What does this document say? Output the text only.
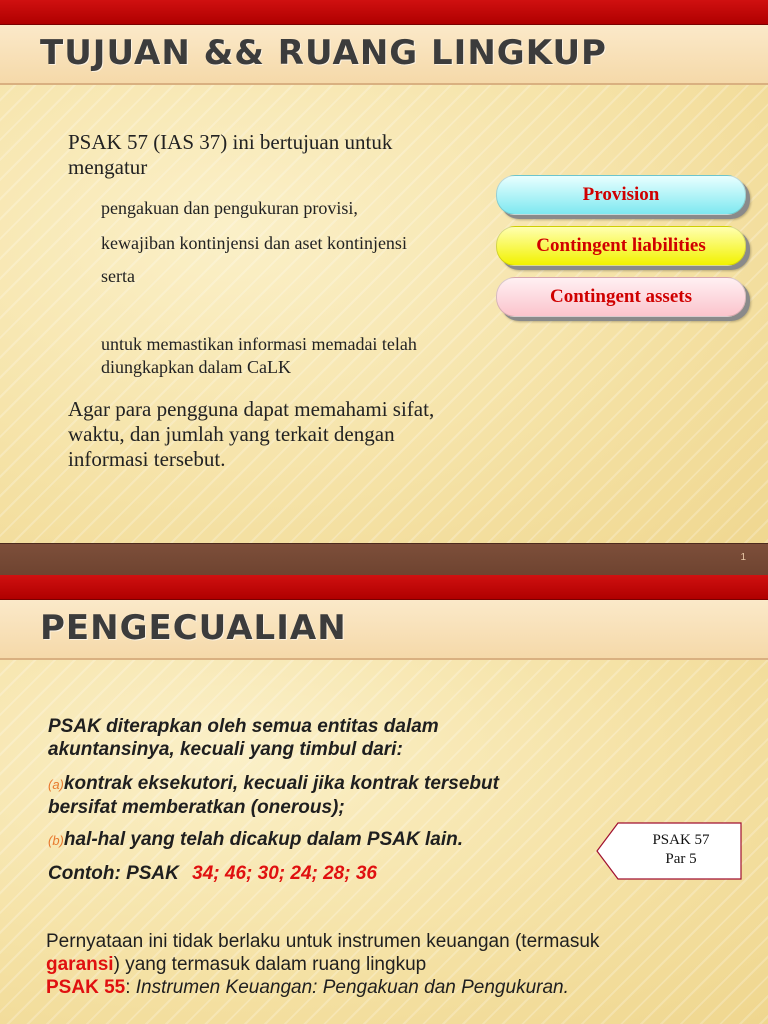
TUJUAN && RUANG LINGKUP
PSAK 57 (IAS 37) ini bertujuan untuk mengatur
pengakuan dan pengukuran provisi,
kewajiban kontinjensi dan aset kontinjensi
serta
untuk memastikan informasi memadai telah diungkapkan dalam CaLK
Agar para pengguna dapat memahami sifat, waktu, dan jumlah yang terkait dengan informasi tersebut.
Provision
Contingent liabilities
Contingent assets
1
PENGECUALIAN
PSAK diterapkan oleh semua entitas dalam akuntansinya, kecuali yang timbul dari:
(a)kontrak eksekutori, kecuali jika kontrak tersebut bersifat memberatkan (onerous);
(b)hal-hal yang telah dicakup dalam PSAK lain.
Contoh: PSAK 34; 46; 30; 24; 28; 36
Pernyataan ini tidak berlaku untuk instrumen keuangan (termasuk garansi) yang termasuk dalam ruang lingkup
PSAK 55: Instrumen Keuangan: Pengakuan dan Pengukuran.
PSAK 57
Par 5
